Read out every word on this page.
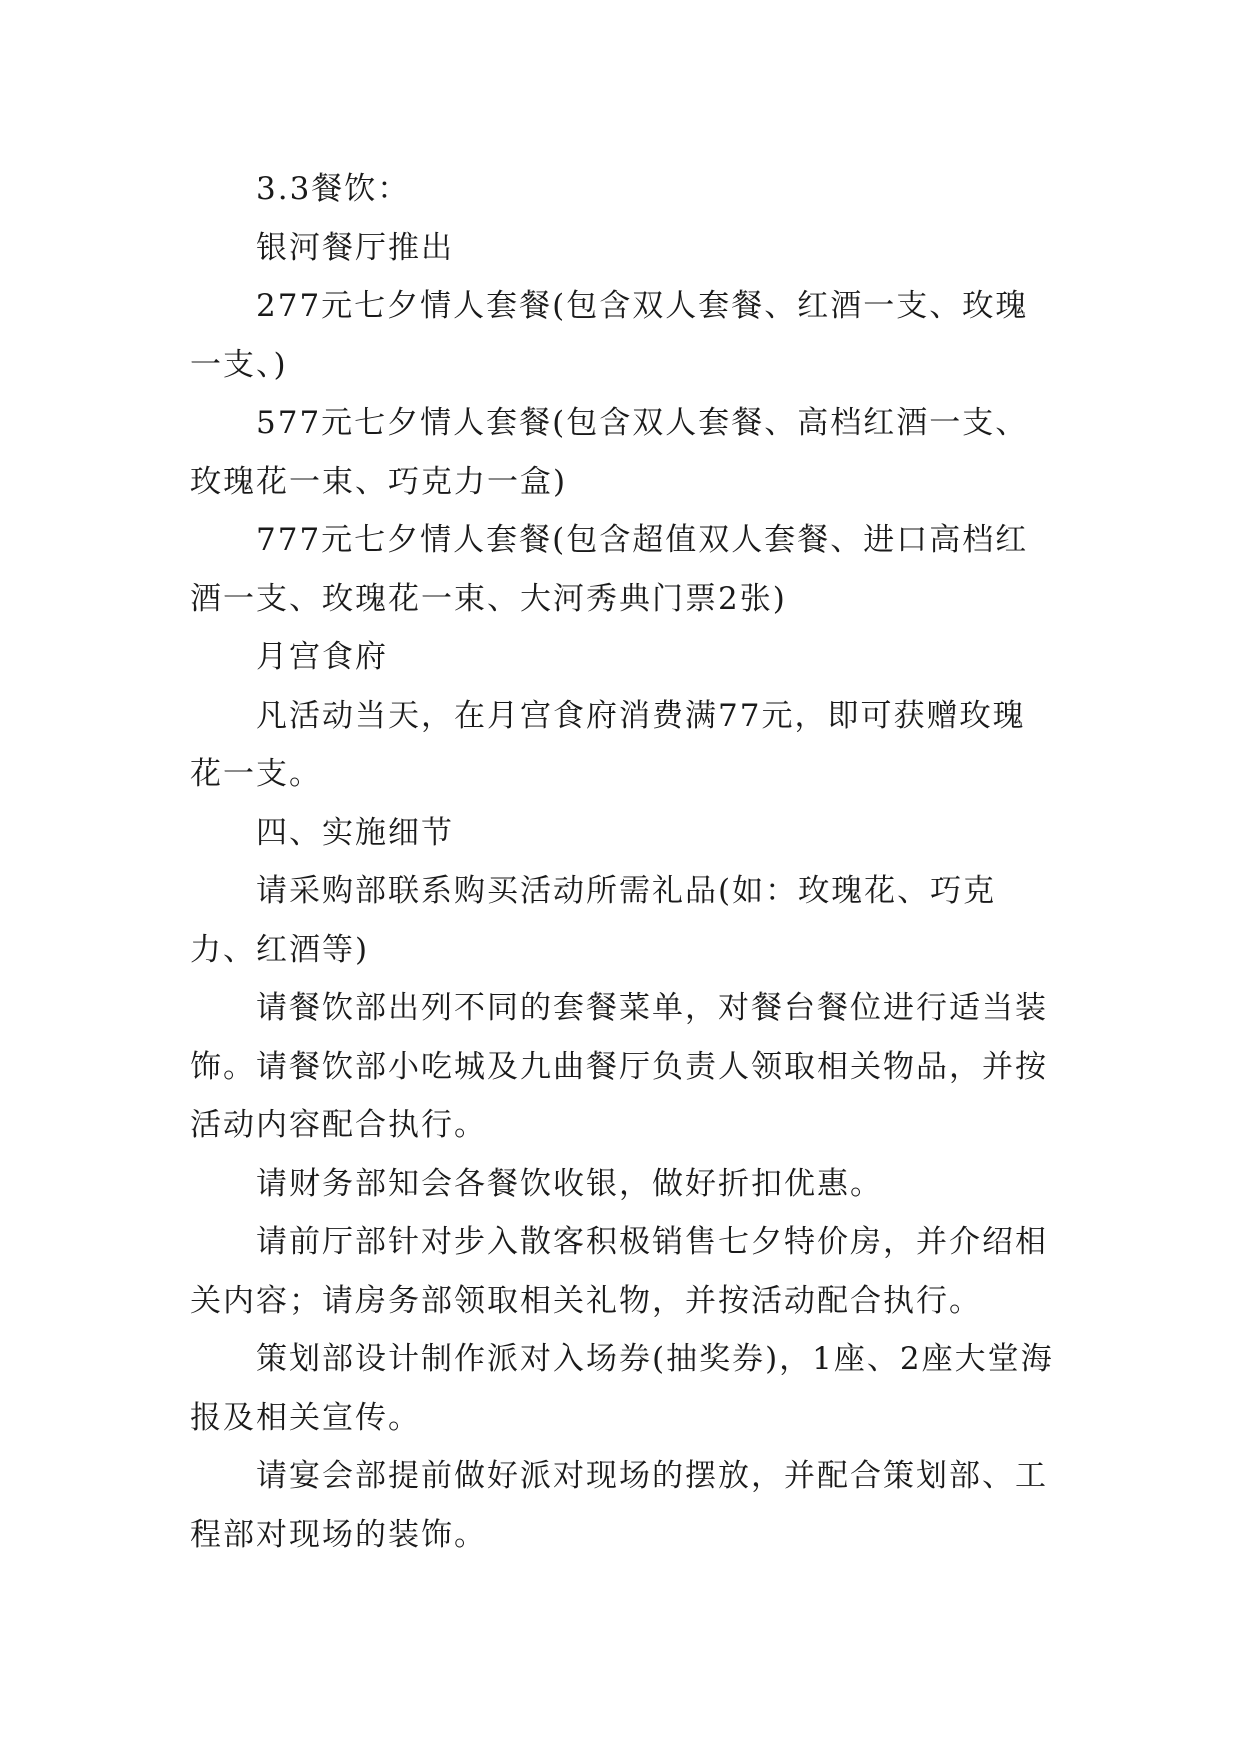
3.3餐饮：

银河餐厅推出

277元七夕情人套餐(包含双人套餐、红酒一支、玫瑰一支、)

577元七夕情人套餐(包含双人套餐、高档红酒一支、玫瑰花一束、巧克力一盒)

777元七夕情人套餐(包含超值双人套餐、进口高档红酒一支、玫瑰花一束、大河秀典门票2张)

月宫食府

凡活动当天，在月宫食府消费满77元，即可获赠玫瑰花一支。

四、实施细节

请采购部联系购买活动所需礼品(如：玫瑰花、巧克力、红酒等)

请餐饮部出列不同的套餐菜单，对餐台餐位进行适当装饰。请餐饮部小吃城及九曲餐厅负责人领取相关物品，并按活动内容配合执行。

请财务部知会各餐饮收银，做好折扣优惠。

请前厅部针对步入散客积极销售七夕特价房，并介绍相关内容；请房务部领取相关礼物，并按活动配合执行。

策划部设计制作派对入场券(抽奖券)，1座、2座大堂海报及相关宣传。

请宴会部提前做好派对现场的摆放，并配合策划部、工程部对现场的装饰。
